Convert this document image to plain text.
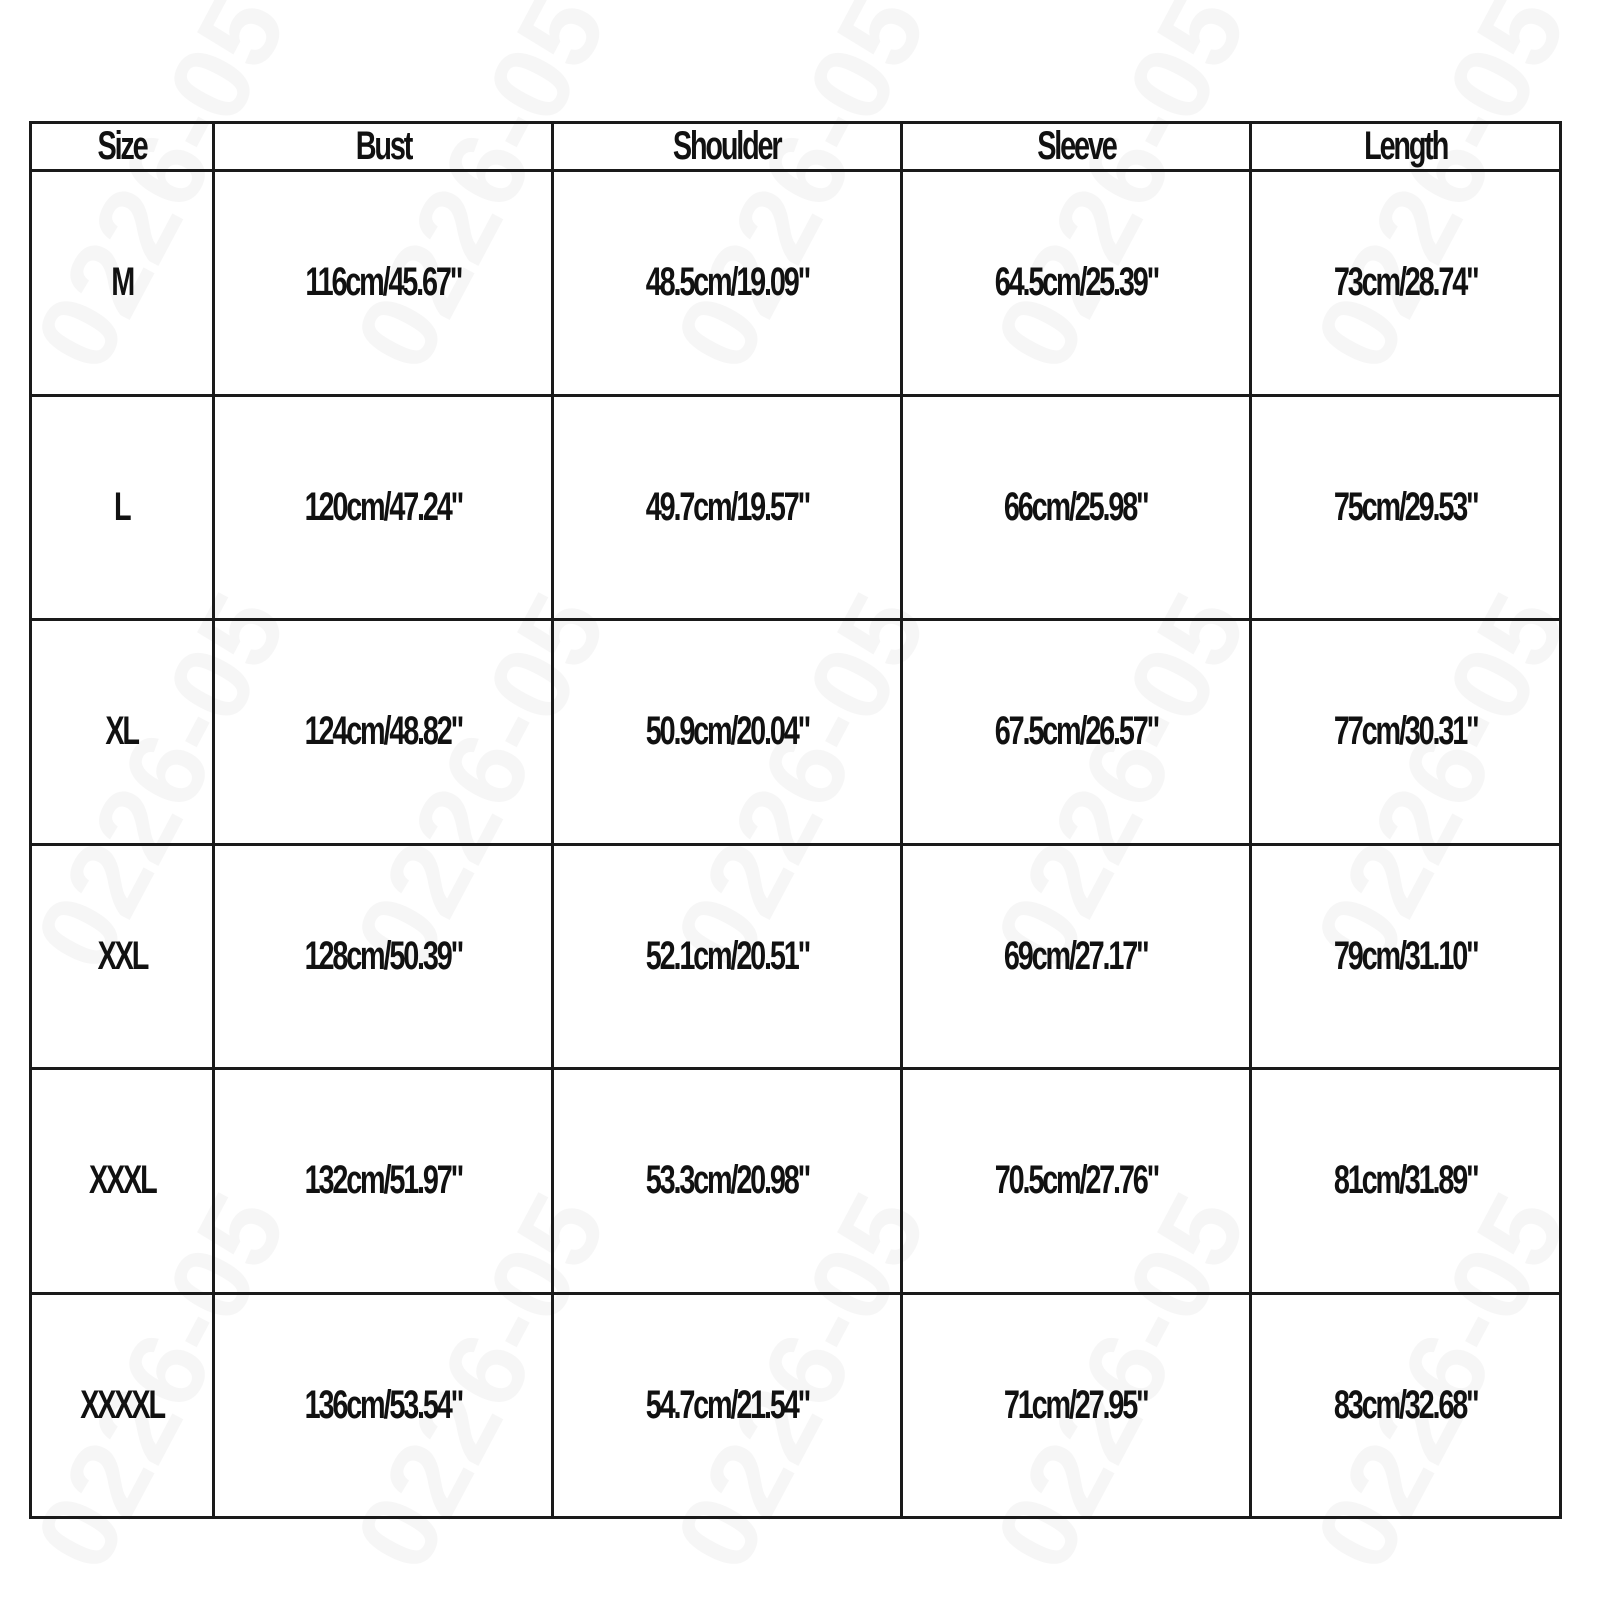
Size	Bust	Shoulder	Sleeve	Length
M	116cm/45.67"	48.5cm/19.09"	64.5cm/25.39"	73cm/28.74"
L	120cm/47.24"	49.7cm/19.57"	66cm/25.98"	75cm/29.53"
XL	124cm/48.82"	50.9cm/20.04"	67.5cm/26.57"	77cm/30.31"
XXL	128cm/50.39"	52.1cm/20.51"	69cm/27.17"	79cm/31.10"
XXXL	132cm/51.97"	53.3cm/20.98"	70.5cm/27.76"	81cm/31.89"
XXXXL	136cm/53.54"	54.7cm/21.54"	71cm/27.95"	83cm/32.68"
